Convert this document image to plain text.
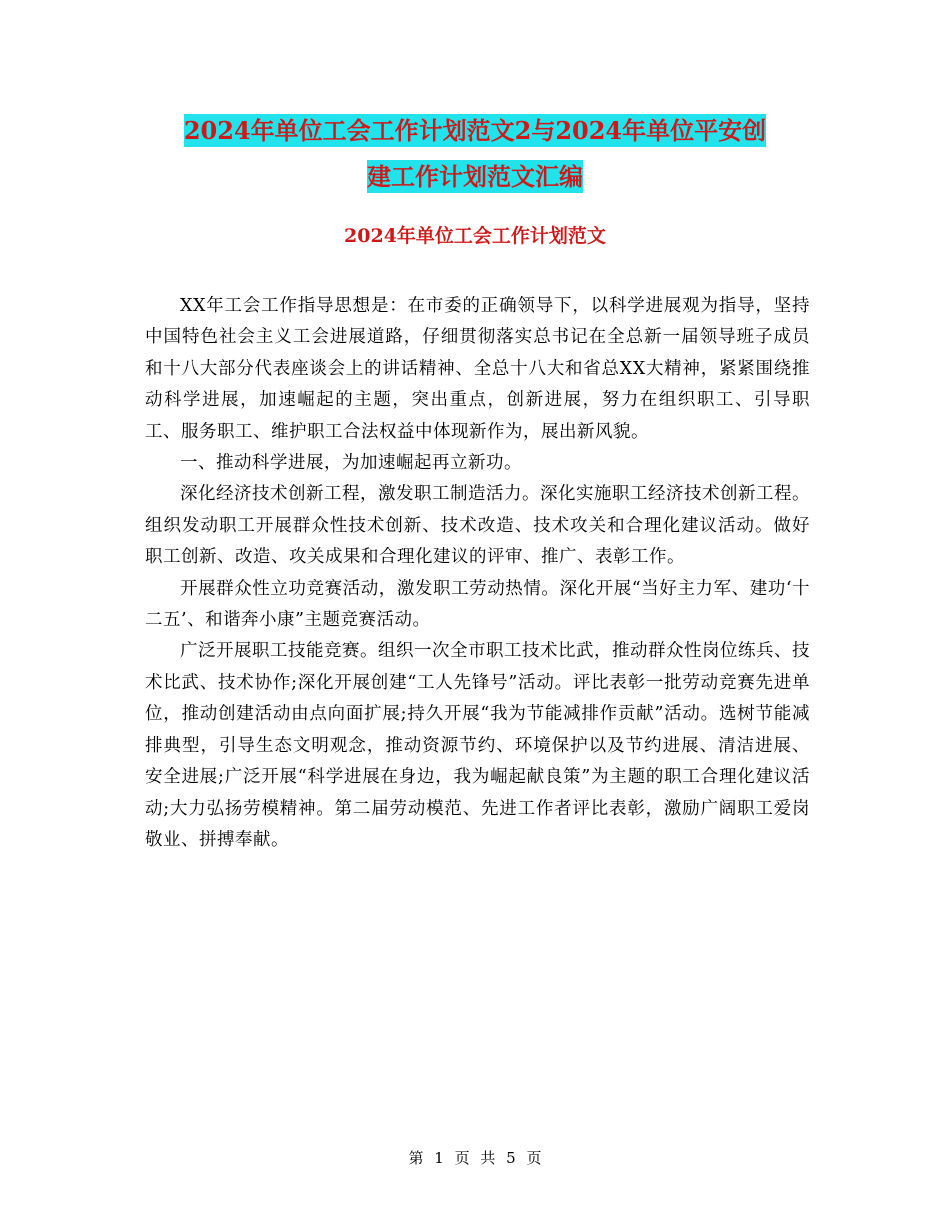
2024年单位工会工作计划范文2与2024年单位平安创
建工作计划范文汇编
2024年单位工会工作计划范文

XX年工会工作指导思想是：在市委的正确领导下，以科学进展观为指导，坚持中国特色社会主义工会进展道路，仔细贯彻落实总书记在全总新一届领导班子成员和十八大部分代表座谈会上的讲话精神、全总十八大和省总XX大精神，紧紧围绕推动科学进展，加速崛起的主题，突出重点，创新进展，努力在组织职工、引导职工、服务职工、维护职工合法权益中体现新作为，展出新风貌。

一、推动科学进展，为加速崛起再立新功。

深化经济技术创新工程，激发职工制造活力。深化实施职工经济技术创新工程。组织发动职工开展群众性技术创新、技术改造、技术攻关和合理化建议活动。做好职工创新、改造、攻关成果和合理化建议的评审、推广、表彰工作。

开展群众性立功竞赛活动，激发职工劳动热情。深化开展“当好主力军、建功‘十二五’、和谐奔小康”主题竞赛活动。

广泛开展职工技能竞赛。组织一次全市职工技术比武，推动群众性岗位练兵、技术比武、技术协作;深化开展创建“工人先锋号”活动。评比表彰一批劳动竞赛先进单位，推动创建活动由点向面扩展;持久开展“我为节能减排作贡献”活动。选树节能减排典型，引导生态文明观念，推动资源节约、环境保护以及节约进展、清洁进展、安全进展;广泛开展“科学进展在身边，我为崛起献良策”为主题的职工合理化建议活动;大力弘扬劳模精神。第二届劳动模范、先进工作者评比表彰，激励广阔职工爱岗敬业、拼搏奉献。

第 1 页 共 5 页
